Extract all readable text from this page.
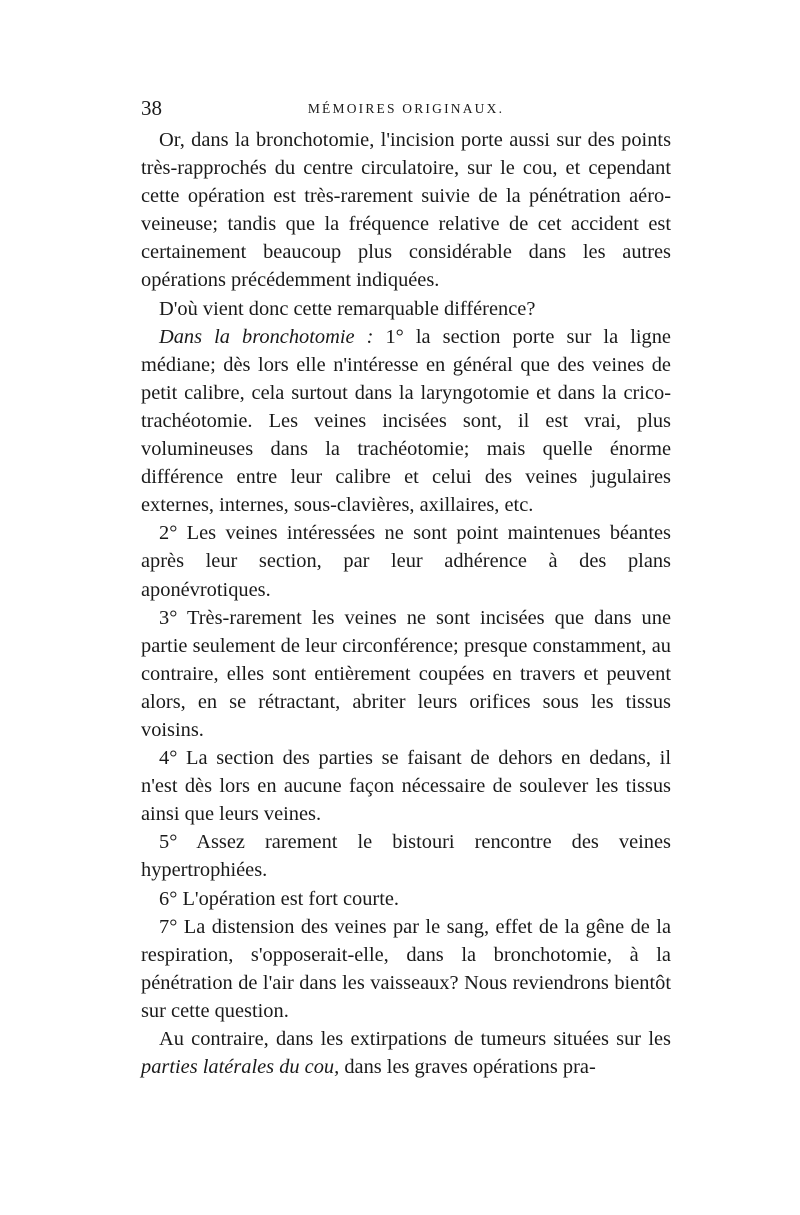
38	MÉMOIRES ORIGINAUX.

Or, dans la bronchotomie, l'incision porte aussi sur des points très-rapprochés du centre circulatoire, sur le cou, et cependant cette opération est très-rarement suivie de la pénétration aéro-veineuse; tandis que la fréquence relative de cet accident est certainement beaucoup plus considérable dans les autres opérations précédemment indiquées.

D'où vient donc cette remarquable différence?

Dans la bronchotomie : 1° la section porte sur la ligne médiane; dès lors elle n'intéresse en général que des veines de petit calibre, cela surtout dans la laryngotomie et dans la crico-trachéotomie. Les veines incisées sont, il est vrai, plus volumineuses dans la trachéotomie; mais quelle énorme différence entre leur calibre et celui des veines jugulaires externes, internes, sous-clavières, axillaires, etc.

2° Les veines intéressées ne sont point maintenues béantes après leur section, par leur adhérence à des plans aponévrotiques.

3° Très-rarement les veines ne sont incisées que dans une partie seulement de leur circonférence; presque constamment, au contraire, elles sont entièrement coupées en travers et peuvent alors, en se rétractant, abriter leurs orifices sous les tissus voisins.

4° La section des parties se faisant de dehors en dedans, il n'est dès lors en aucune façon nécessaire de soulever les tissus ainsi que leurs veines.

5° Assez rarement le bistouri rencontre des veines hypertrophiées.

6° L'opération est fort courte.

7° La distension des veines par le sang, effet de la gêne de la respiration, s'opposerait-elle, dans la bronchotomie, à la pénétration de l'air dans les vaisseaux? Nous reviendrons bientôt sur cette question.

Au contraire, dans les extirpations de tumeurs situées sur les parties latérales du cou, dans les graves opérations pra-
